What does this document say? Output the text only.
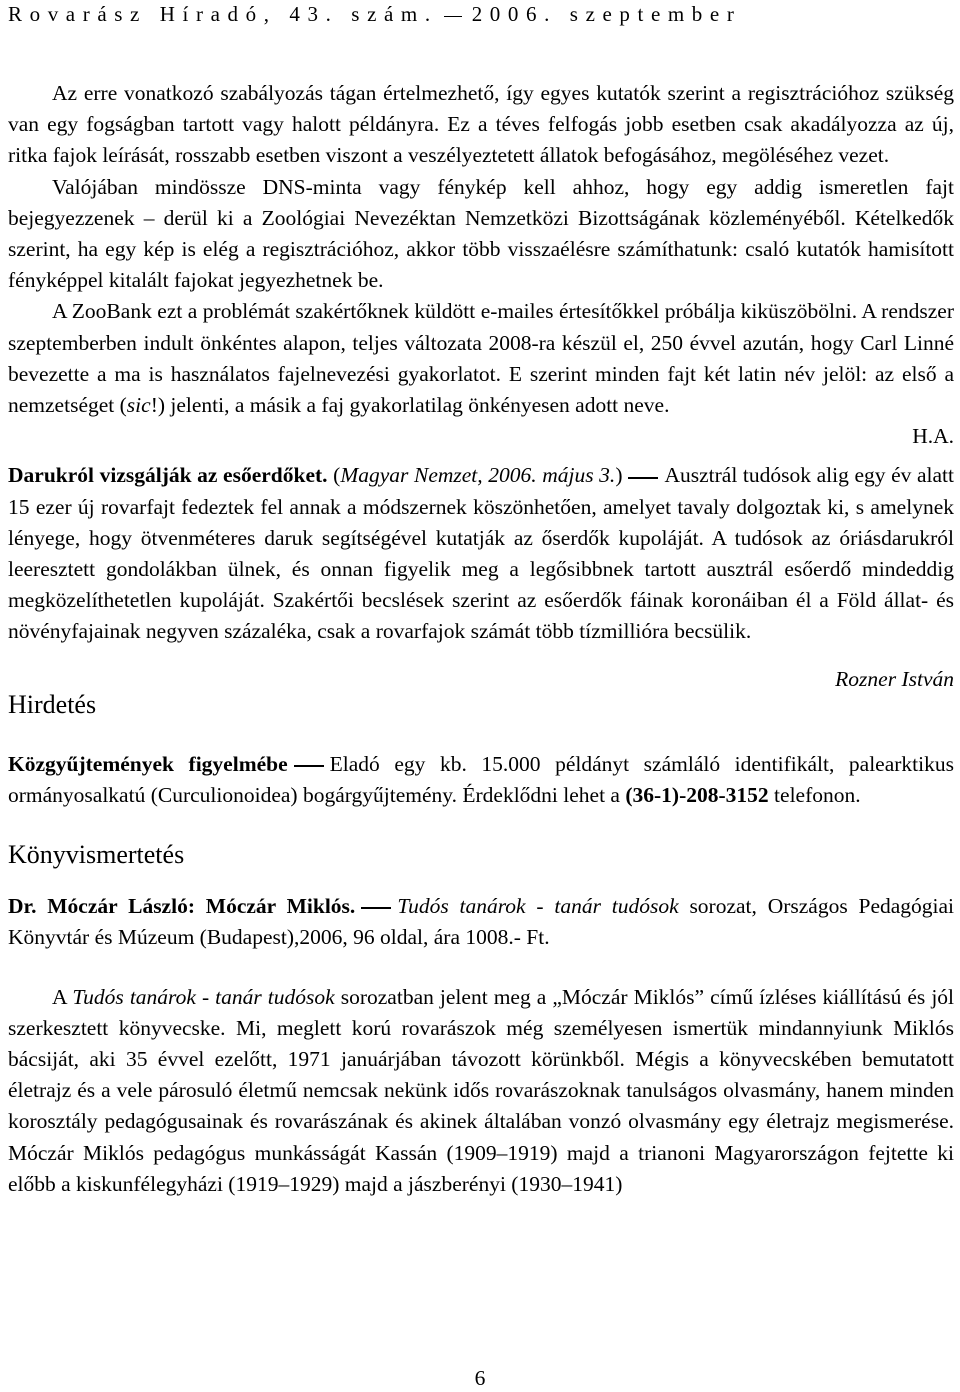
Rovarász Híradó, 43. szám. 2006. szeptember

Az erre vonatkozó szabályozás tágan értelmezhető, így egyes kutatók szerint a regisztrációhoz szükség van egy fogságban tartott vagy halott példányra. Ez a téves felfogás jobb esetben csak akadályozza az új, ritka fajok leírását, rosszabb esetben viszont a veszélyeztetett állatok befogásához, megöléséhez vezet.

Valójában mindössze DNS-minta vagy fénykép kell ahhoz, hogy egy addig ismeretlen fajt bejegyezzenek – derül ki a Zoológiai Nevezéktan Nemzetközi Bizottságának közleményéből. Kételkedők szerint, ha egy kép is elég a regisztrációhoz, akkor több visszaélésre számíthatunk: csaló kutatók hamisított fényképpel kitalált fajokat jegyezhetnek be.

A ZooBank ezt a problémát szakértőknek küldött e-mailes értesítőkkel próbálja kiküszöbölni. A rendszer szeptemberben indult önkéntes alapon, teljes változata 2008-ra készül el, 250 évvel azután, hogy Carl Linné bevezette a ma is használatos fajelnevezési gyakorlatot. E szerint minden fajt két latin név jelöl: az első a nemzetséget (sic!) jelenti, a másik a faj gyakorlatilag önkényesen adott neve.

H.A.

Darukról vizsgálják az esőerdőket. (Magyar Nemzet, 2006. május 3.) Ausztrál tudósok alig egy év alatt 15 ezer új rovarfajt fedeztek fel annak a módszernek köszönhetően, amelyet tavaly dolgoztak ki, s amelynek lényege, hogy ötvenméteres daruk segítségével kutatják az őserdők kupoláját. A tudósok az óriásdarukról leeresztett gondolákban ülnek, és onnan figyelik meg a legősibbnek tartott ausztrál esőerdő mindeddig megközelíthetetlen kupoláját. Szakértői becslések szerint az esőerdők fáinak koronáiban él a Föld állat- és növényfajainak negyven százaléka, csak a rovarfajok számát több tízmillióra becsülik.

Rozner István
Hirdetés

Közgyűjtemények figyelmébe Eladó egy kb. 15.000 példányt számláló identifikált, palearktikus ormányosalkatú (Curculionoidea) bogárgyűjtemény. Érdeklődni lehet a (36-1)-208-3152 telefonon.

Könyvismertetés

Dr. Móczár László: Móczár Miklós. Tudós tanárok - tanár tudósok sorozat, Országos Pedagógiai Könyvtár és Múzeum (Budapest),2006, 96 oldal, ára 1008.- Ft.

A Tudós tanárok - tanár tudósok sorozatban jelent meg a „Móczár Miklós” című ízléses kiállítású és jól szerkesztett könyvecske. Mi, meglett korú rovarászok még személyesen ismertük mindannyiunk Miklós bácsiját, aki 35 évvel ezelőtt, 1971 januárjában távozott körünkből. Mégis a könyvecskében bemutatott életrajz és a vele párosuló életmű nemcsak nekünk idős rovarászoknak tanulságos olvasmány, hanem minden korosztály pedagógusainak és rovarászának és akinek általában vonzó olvasmány egy életrajz megismerése. Móczár Miklós pedagógus munkásságát Kassán (1909–1919) majd a trianoni Magyarországon fejtette ki előbb a kiskunfélegyházi (1919–1929) majd a jászberényi (1930–1941)

6
